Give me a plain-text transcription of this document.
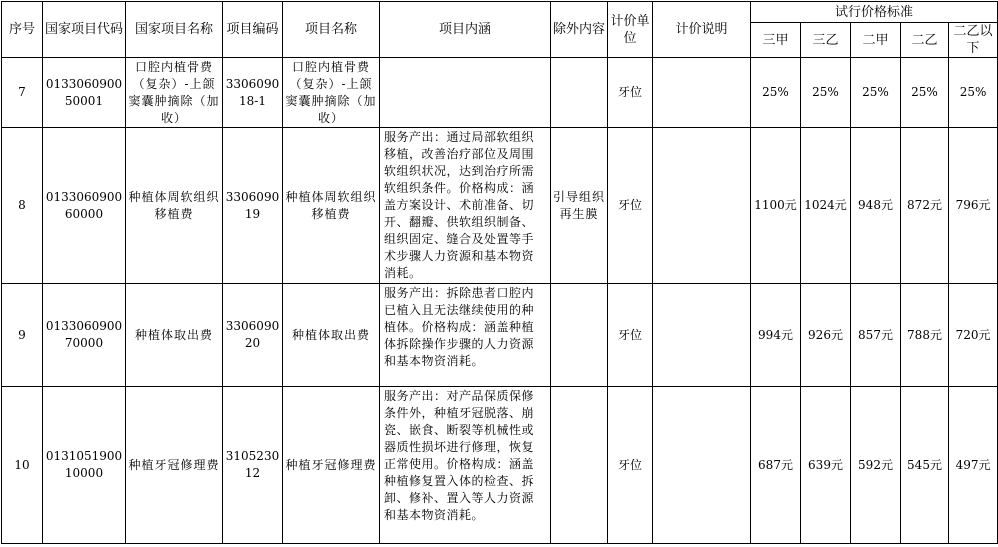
序号	国家项目代码	国家项目名称	项目编码	项目名称	项目内涵	除外内容	计价单位	计价说明	试行价格标准				
									三甲	三乙	二甲	二乙	二乙以下
7	013306090050001	口腔内植骨费（复杂）-上颌窦囊肿摘除（加收）	330609018-1	口腔内植骨费（复杂）-上颌窦囊肿摘除（加收）			牙位		25%	25%	25%	25%	25%
8	013306090060000	种植体周软组织移植费	330609019	种植体周软组织移植费	服务产出：通过局部软组织移植，改善治疗部位及周围软组织状况，达到治疗所需软组织条件。价格构成：涵盖方案设计、术前准备、切开、翻瓣、供软组织制备、组织固定、缝合及处置等手术步骤人力资源和基本物资消耗。	引导组织再生膜	牙位		1100元	1024元	948元	872元	796元
9	013306090070000	种植体取出费	330609020	种植体取出费	服务产出：拆除患者口腔内已植入且无法继续使用的种植体。价格构成：涵盖种植体拆除操作步骤的人力资源和基本物资消耗。		牙位		994元	926元	857元	788元	720元
10	013105190010000	种植牙冠修理费	310523012	种植牙冠修理费	服务产出：对产品保质保修条件外，种植牙冠脱落、崩瓷、嵌食、断裂等机械性或器质性损坏进行修理，恢复正常使用。价格构成：涵盖种植修复置入体的检查、拆卸、修补、置入等人力资源和基本物资消耗。		牙位		687元	639元	592元	545元	497元
